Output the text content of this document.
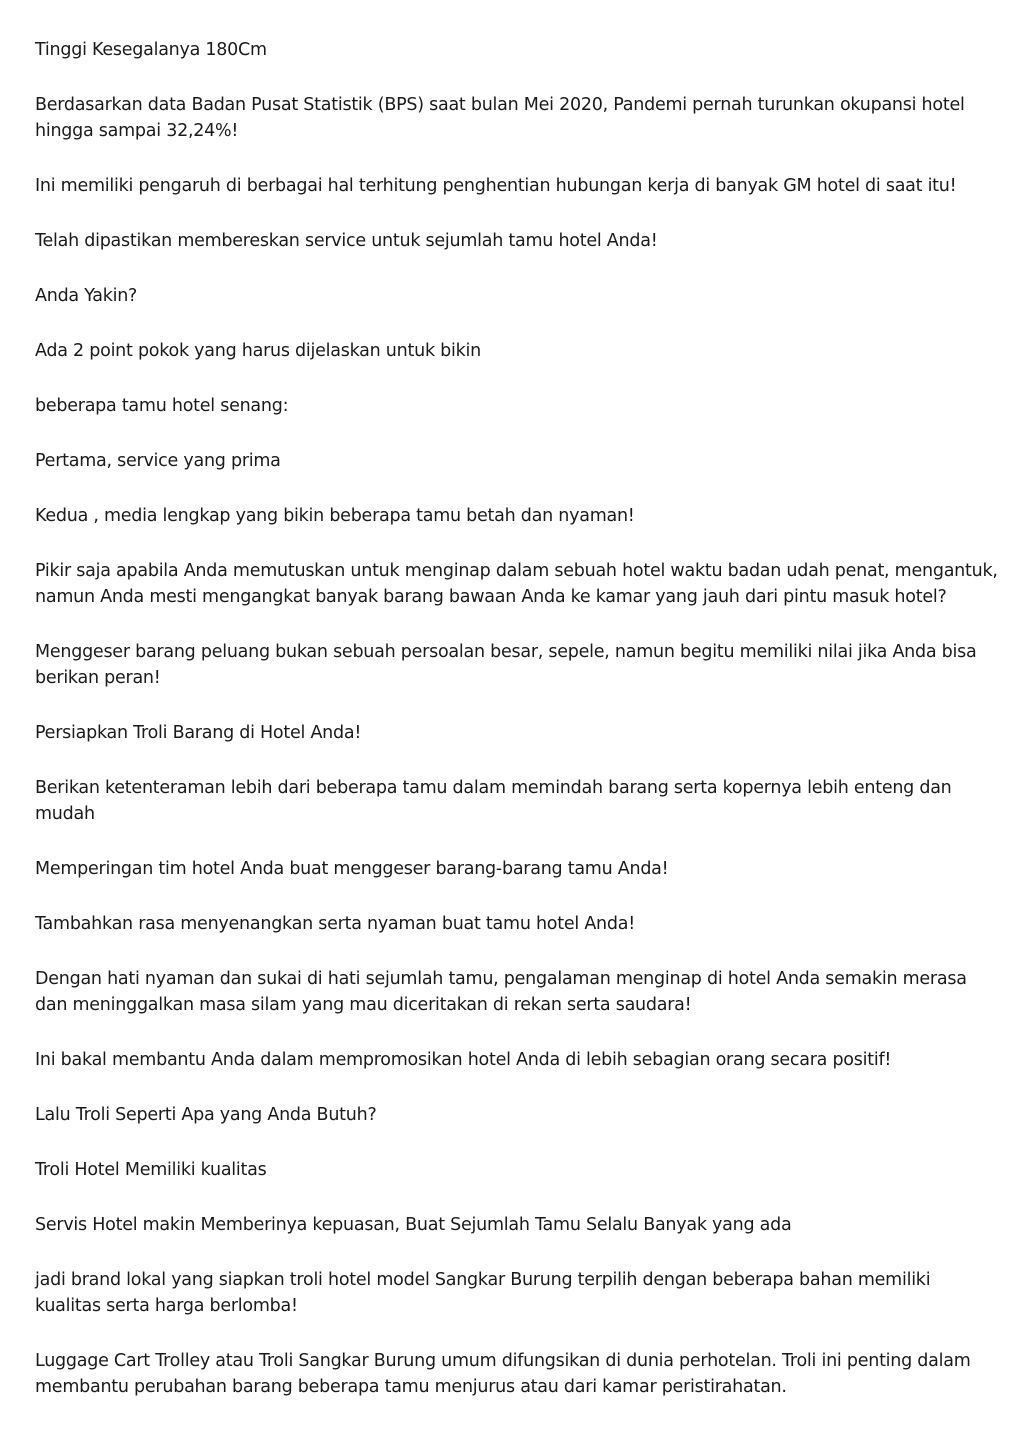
Tinggi Kesegalanya 180Cm

Berdasarkan data Badan Pusat Statistik (BPS) saat bulan Mei 2020, Pandemi pernah turunkan okupansi hotel hingga sampai 32,24%!

Ini memiliki pengaruh di berbagai hal terhitung penghentian hubungan kerja di banyak GM hotel di saat itu!

Telah dipastikan membereskan service untuk sejumlah tamu hotel Anda!

Anda Yakin?

Ada 2 point pokok yang harus dijelaskan untuk bikin

beberapa tamu hotel senang:

Pertama, service yang prima

Kedua , media lengkap yang bikin beberapa tamu betah dan nyaman!

Pikir saja apabila Anda memutuskan untuk menginap dalam sebuah hotel waktu badan udah penat, mengantuk, namun Anda mesti mengangkat banyak barang bawaan Anda ke kamar yang jauh dari pintu masuk hotel?

Menggeser barang peluang bukan sebuah persoalan besar, sepele, namun begitu memiliki nilai jika Anda bisa berikan peran!

Persiapkan Troli Barang di Hotel Anda!

Berikan ketenteraman lebih dari beberapa tamu dalam memindah barang serta kopernya lebih enteng dan mudah

Memperingan tim hotel Anda buat menggeser barang-barang tamu Anda!

Tambahkan rasa menyenangkan serta nyaman buat tamu hotel Anda!

Dengan hati nyaman dan sukai di hati sejumlah tamu, pengalaman menginap di hotel Anda semakin merasa dan meninggalkan masa silam yang mau diceritakan di rekan serta saudara!

Ini bakal membantu Anda dalam mempromosikan hotel Anda di lebih sebagian orang secara positif!

Lalu Troli Seperti Apa yang Anda Butuh?

Troli Hotel Memiliki kualitas

Servis Hotel makin Memberinya kepuasan, Buat Sejumlah Tamu Selalu Banyak yang ada

jadi brand lokal yang siapkan troli hotel model Sangkar Burung terpilih dengan beberapa bahan memiliki kualitas serta harga berlomba!

Luggage Cart Trolley atau Troli Sangkar Burung umum difungsikan di dunia perhotelan. Troli ini penting dalam membantu perubahan barang beberapa tamu menjurus atau dari kamar peristirahatan.
